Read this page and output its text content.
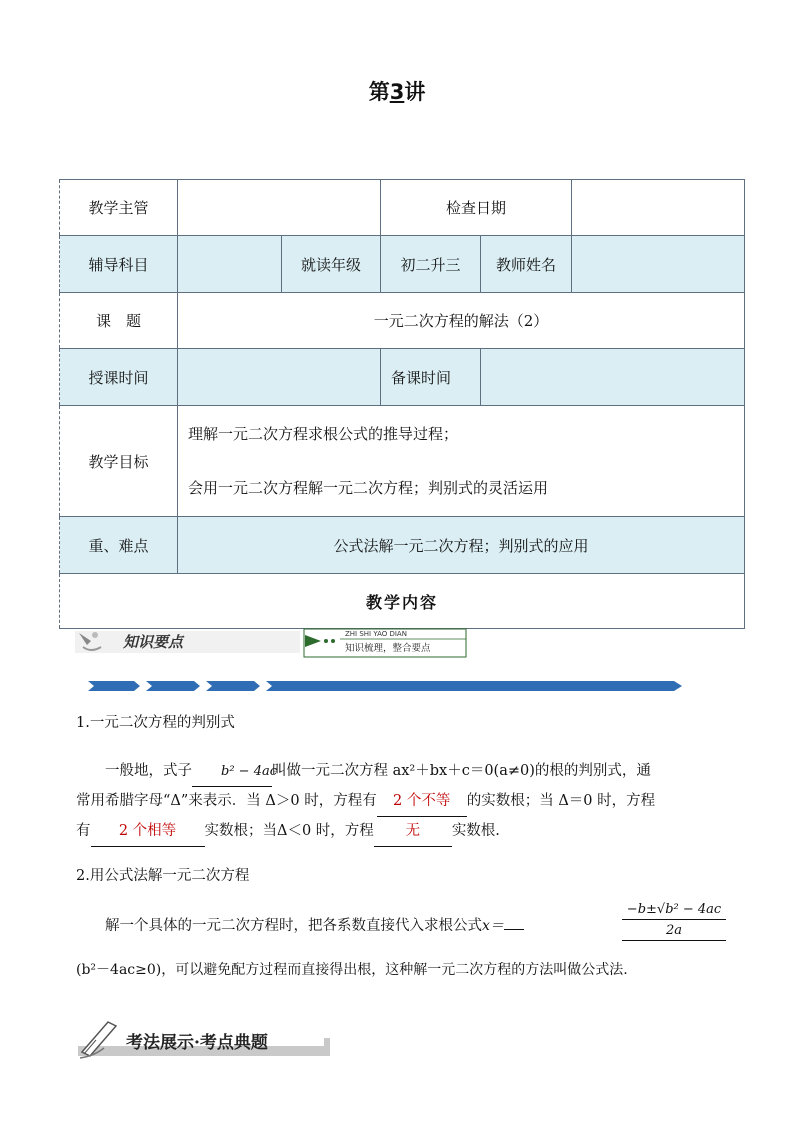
第3讲
教学主管			检查日期		
辅导科目		就读年级	初二升三	教师姓名	
课　题	一元二次方程的解法（2）				
授课时间			备课时间		
教学目标	理解一元二次方程求根公式的推导过程；
会用一元二次方程解一元二次方程；判别式的灵活运用				

重、难点	公式法解一元二次方程；判别式的应用				
教学内容					
知识要点	ZHI SHI YAO DIAN
知识梳理，整合要点
1.一元二次方程的判别式
一般地，式子 b² − 4ac叫做一元二次方程 ax²＋bx＋c＝0(a≠0)的根的判别式，通
常用希腊字母“Δ”来表示．当 Δ＞0 时，方程有 2 个不等 的实数根；当 Δ＝0 时，方程
有 2 个相等 实数根；当Δ＜0 时，方程 无 实数根.
2.用公式法解一元二次方程
解一个具体的一元二次方程时，把各系数直接代入求根公式x＝	$\frac{\text{−b±√b² − 4ac}}{2a}$
(b²－4ac≥0)，可以避免配方过程而直接得出根，这种解一元二次方程的方法叫做公式法.
考法展示·考点典题
